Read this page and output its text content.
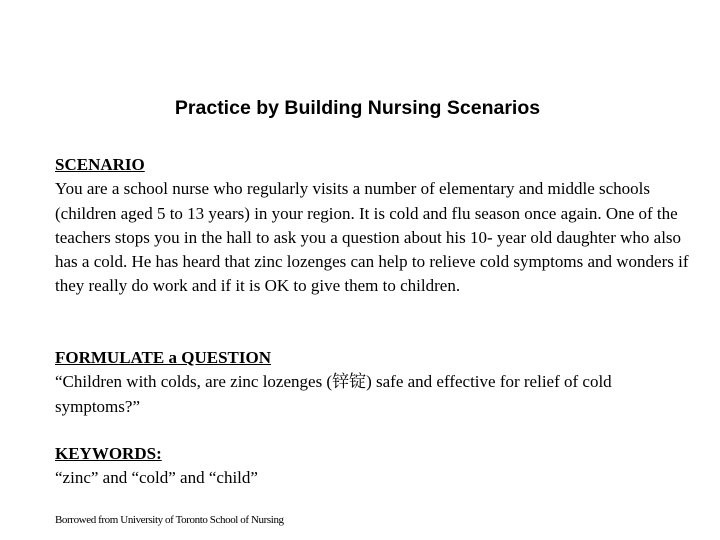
Practice by Building Nursing Scenarios
SCENARIO
You are a school nurse who regularly visits a number of elementary and middle schools (children aged 5 to 13 years) in your region. It is cold and flu season once again. One of the teachers stops you in the hall to ask you a question about his 10- year old daughter who also has a cold. He has heard that zinc lozenges can help to relieve cold symptoms and wonders if they really do work and if it is OK to give them to children.
FORMULATE a QUESTION
“Children with colds, are zinc lozenges (锌锭) safe and effective for relief of cold symptoms?”
KEYWORDS:
“zinc” and “cold” and “child”
Borrowed from University of Toronto School of Nursing
